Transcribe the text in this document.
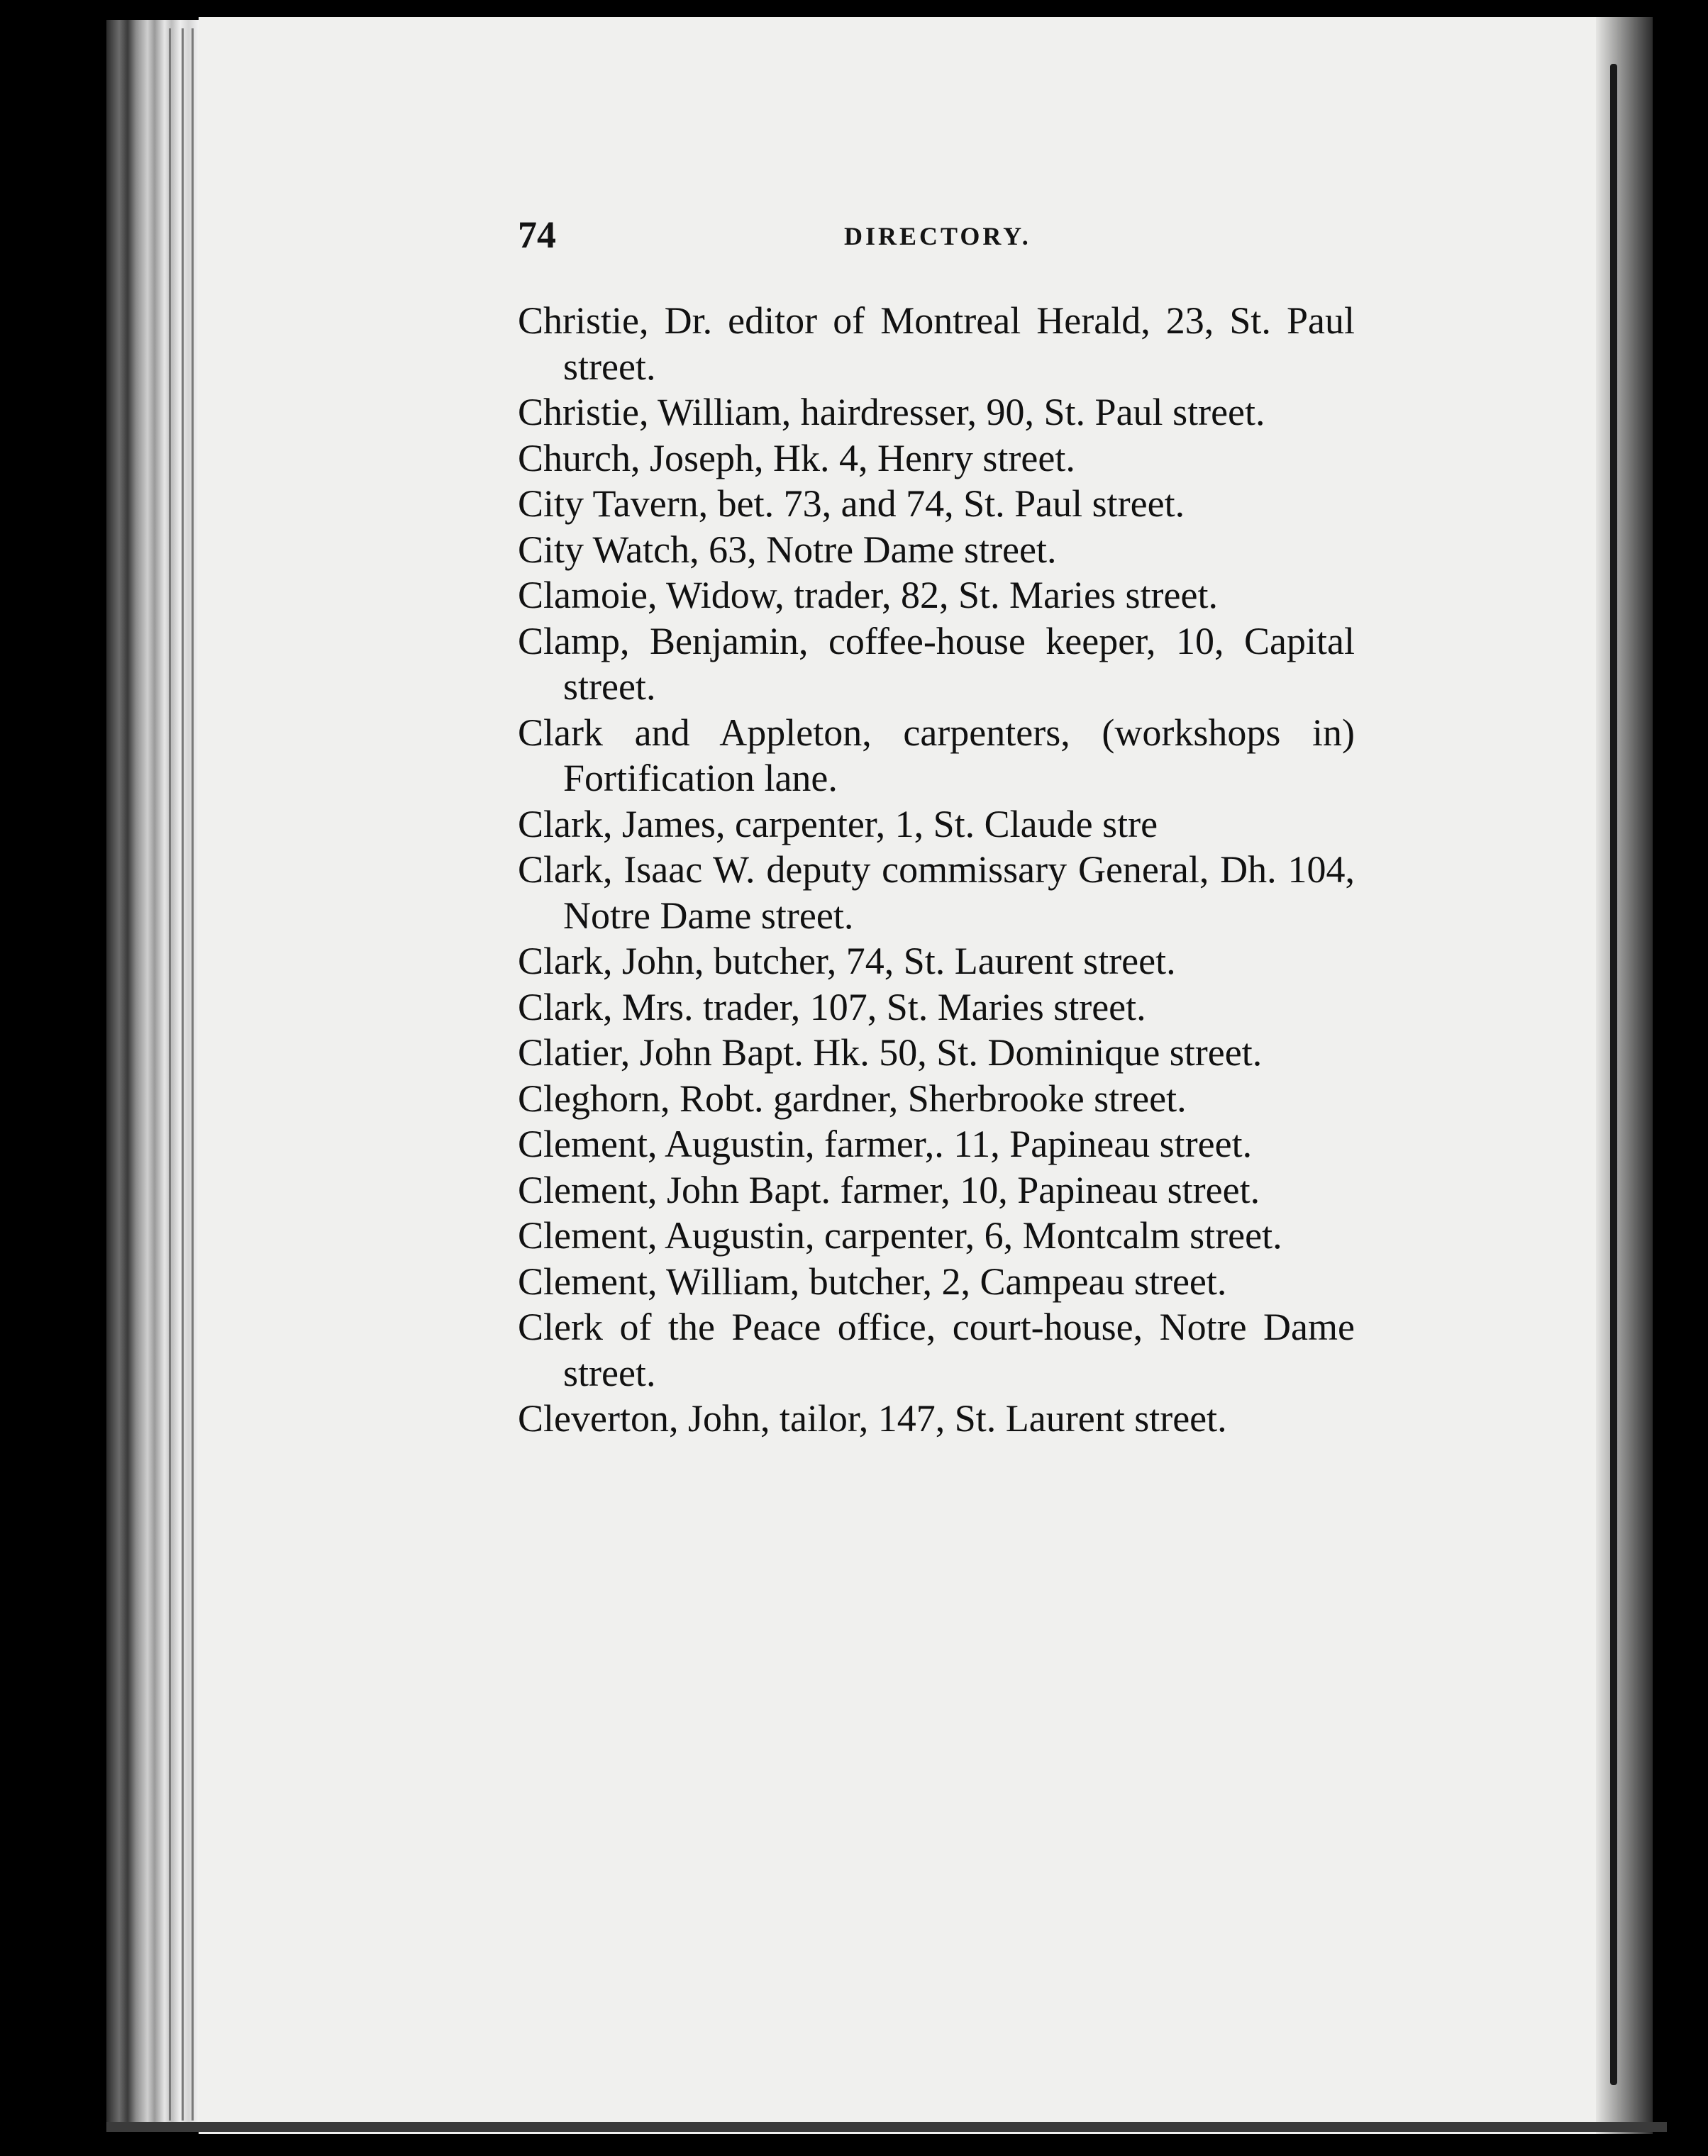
74	DIRECTORY.
Christie, Dr. editor of Montreal Herald, 23, St. Paul street.
Christie, William, hairdresser, 90, St. Paul street.
Church, Joseph, Hk. 4, Henry street.
City Tavern, bet. 73, and 74, St. Paul street.
City Watch, 63, Notre Dame street.
Clamoie, Widow, trader, 82, St. Maries street.
Clamp, Benjamin, coffee-house keeper, 10, Capital street.
Clark and Appleton, carpenters, (workshops in) Fortification lane.
Clark, James, carpenter, 1, St. Claude stre
Clark, Isaac W. deputy commissary General, Dh. 104, Notre Dame street.
Clark, John, butcher, 74, St. Laurent street.
Clark, Mrs. trader, 107, St. Maries street.
Clatier, John Bapt. Hk. 50, St. Dominique street.
Cleghorn, Robt. gardner, Sherbrooke street.
Clement, Augustin, farmer,. 11, Papineau street.
Clement, John Bapt. farmer, 10, Papineau street.
Clement, Augustin, carpenter, 6, Montcalm street.
Clement, William, butcher, 2, Campeau street.
Clerk of the Peace office, court-house, Notre Dame street.
Cleverton, John, tailor, 147, St. Laurent street.
